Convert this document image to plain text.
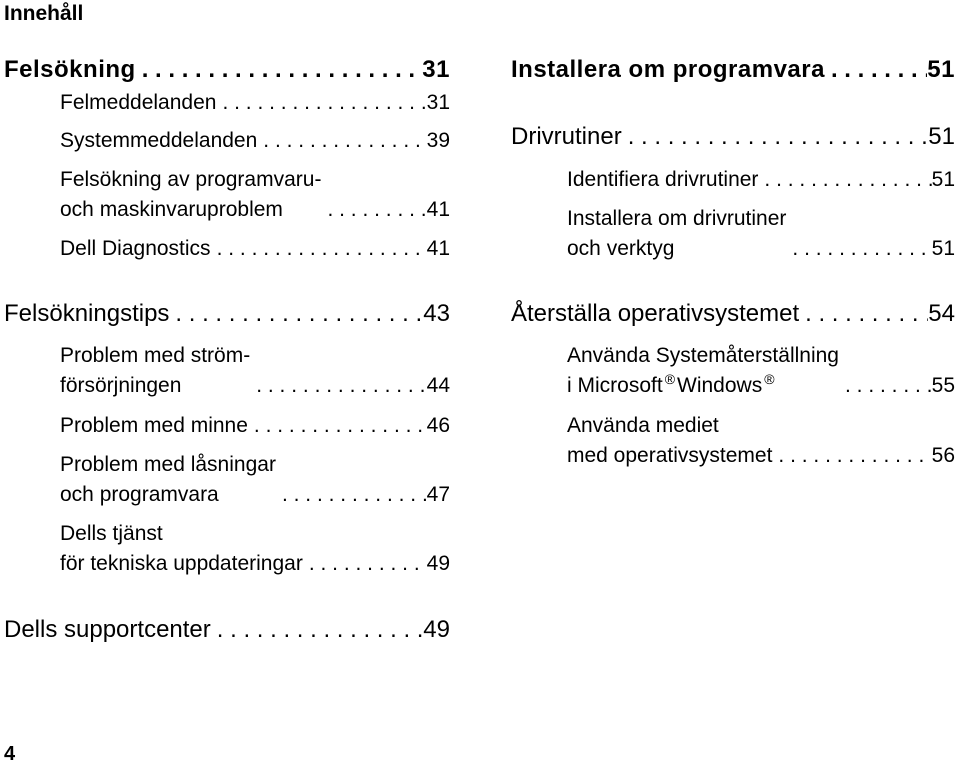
Innehåll
Felsökning . . .	31
Felmeddelanden . . .	31
Systemmeddelanden . . .	39
Felsökning av programvaru-
och maskinvaruproblem . . .	41
Dell Diagnostics . . .	41
Felsökningstips . . .	43
Problem med ström-
försörjningen . . .	44
Problem med minne . . .	46
Problem med låsningar
och programvara . . .	47
Dells tjänst
för tekniska uppdateringar . . .	49
Dells supportcenter . . .	49
Installera om programvara . . .	51
Drivrutiner . . .	51
Identifiera drivrutiner . . .	51
Installera om drivrutiner
och verktyg . . .	51
Återställa operativsystemet . . .	54
Använda Systemåterställning
i Microsoft ®Windows ® . . .	55
Använda mediet
med operativsystemet . . .	56
4
